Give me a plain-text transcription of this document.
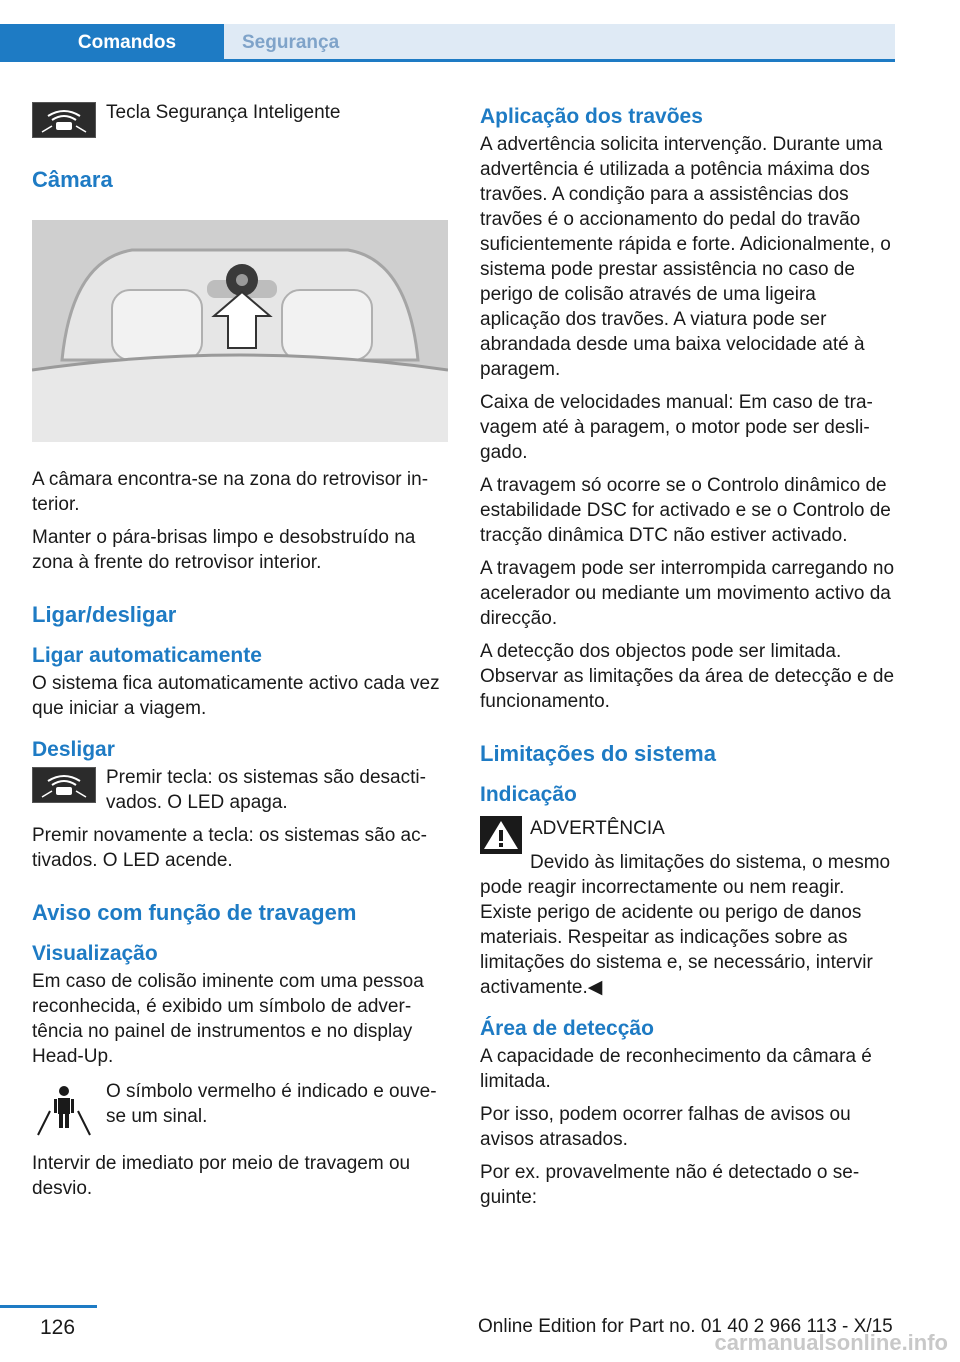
Comandos	Segurança
Tecla Segurança Inteligente
Câmara

A câmara encontra-se na zona do retrovisor interior.

Manter o pára-brisas limpo e desobstruído na zona à frente do retrovisor interior.

Ligar/desligar
Ligar automaticamente

O sistema fica automaticamente activo cada vez que iniciar a viagem.

Desligar
Premir tecla: os sistemas são desactivados. O LED apaga.

Premir novamente a tecla: os sistemas são activados. O LED acende.

Aviso com função de travagem
Visualização

Em caso de colisão iminente com uma pessoa reconhecida, é exibido um símbolo de advertência no painel de instrumentos e no display Head-Up.

O símbolo vermelho é indicado e ouve-se um sinal.

Intervir de imediato por meio de travagem ou desvio.

Aplicação dos travões

A advertência solicita intervenção. Durante uma advertência é utilizada a potência máxima dos travões. A condição para a assistências dos travões é o accionamento do pedal do travão suficientemente rápida e forte. Adicionalmente, o sistema pode prestar assistência no caso de perigo de colisão através de uma ligeira aplicação dos travões. A viatura pode ser abrandada desde uma baixa velocidade até à paragem.

Caixa de velocidades manual: Em caso de travagem até à paragem, o motor pode ser desligado.

A travagem só ocorre se o Controlo dinâmico de estabilidade DSC for activado e se o Controlo de tracção dinâmica DTC não estiver activado.

A travagem pode ser interrompida carregando no acelerador ou mediante um movimento activo da direcção.

A detecção dos objectos pode ser limitada. Observar as limitações da área de detecção e de funcionamento.

Limitações do sistema
Indicação
ADVERTÊNCIA

Devido às limitações do sistema, o mesmo pode reagir incorrectamente ou nem reagir. Existe perigo de acidente ou perigo de danos materiais. Respeitar as indicações sobre as limitações do sistema e, se necessário, intervir activamente.◀

Área de detecção

A capacidade de reconhecimento da câmara é limitada.

Por isso, podem ocorrer falhas de avisos ou avisos atrasados.

Por ex. provavelmente não é detectado o seguinte:

126	Online Edition for Part no. 01 40 2 966 113 - X/15
carmanualsonline.info
